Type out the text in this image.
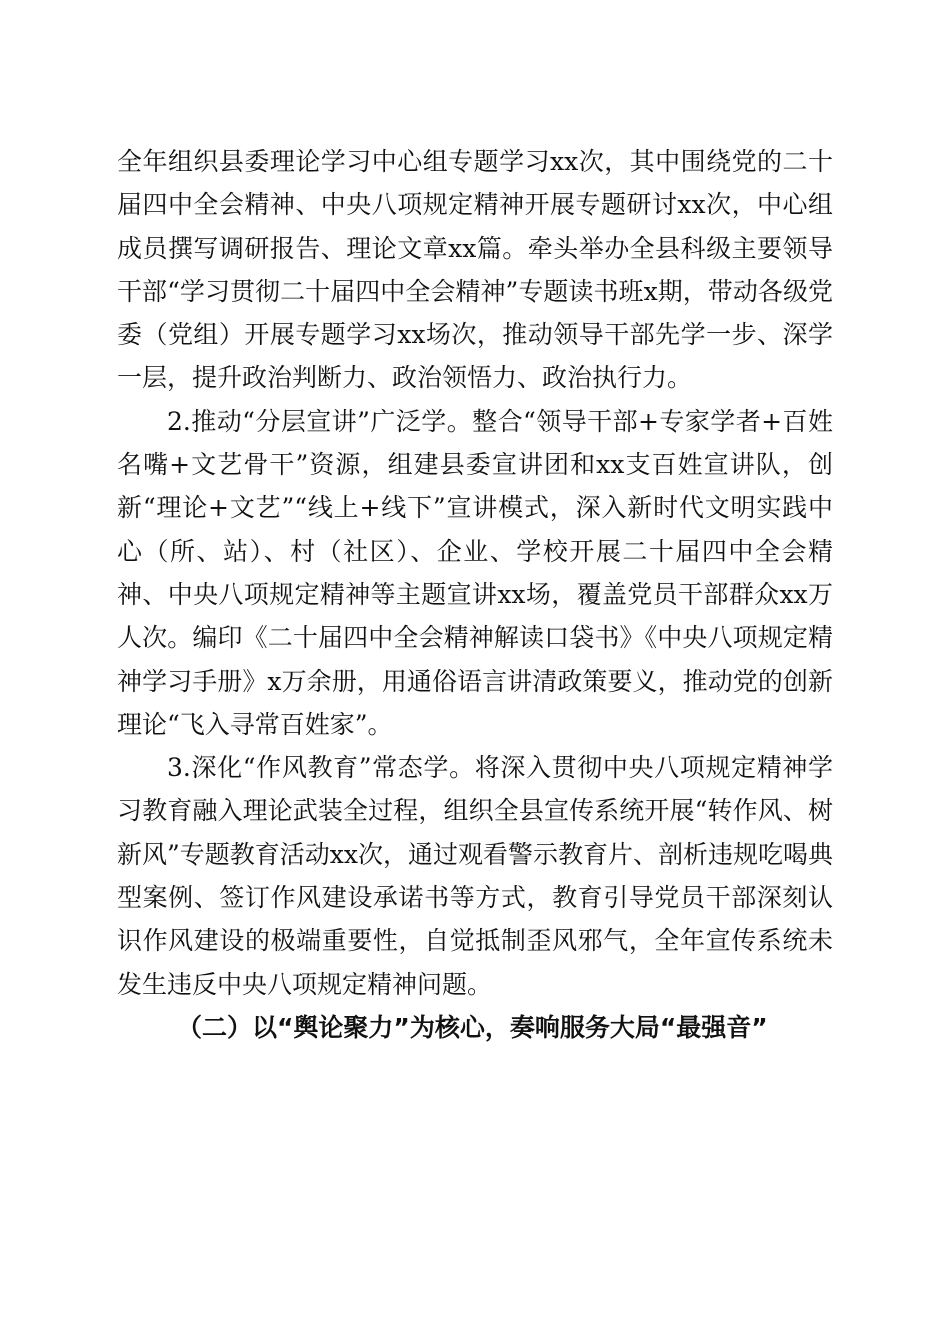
全年组织县委理论学习中心组专题学习xx次，其中围绕党的二十届四中全会精神、中央八项规定精神开展专题研讨xx次，中心组成员撰写调研报告、理论文章xx篇。牵头举办全县科级主要领导干部“学习贯彻二十届四中全会精神”专题读书班x期，带动各级党委（党组）开展专题学习xx场次，推动领导干部先学一步、深学一层，提升政治判断力、政治领悟力、政治执行力。

2.推动“分层宣讲”广泛学。整合“领导干部+专家学者+百姓名嘴+文艺骨干”资源，组建县委宣讲团和xx支百姓宣讲队，创新“理论+文艺”“线上+线下”宣讲模式，深入新时代文明实践中心（所、站）、村（社区）、企业、学校开展二十届四中全会精神、中央八项规定精神等主题宣讲xx场，覆盖党员干部群众xx万人次。编印《二十届四中全会精神解读口袋书》《中央八项规定精神学习手册》x万余册，用通俗语言讲清政策要义，推动党的创新理论“飞入寻常百姓家”。

3.深化“作风教育”常态学。将深入贯彻中央八项规定精神学习教育融入理论武装全过程，组织全县宣传系统开展“转作风、树新风”专题教育活动xx次，通过观看警示教育片、剖析违规吃喝典型案例、签订作风建设承诺书等方式，教育引导党员干部深刻认识作风建设的极端重要性，自觉抵制歪风邪气，全年宣传系统未发生违反中央八项规定精神问题。

（二）以“舆论聚力”为核心，奏响服务大局“最强音”
